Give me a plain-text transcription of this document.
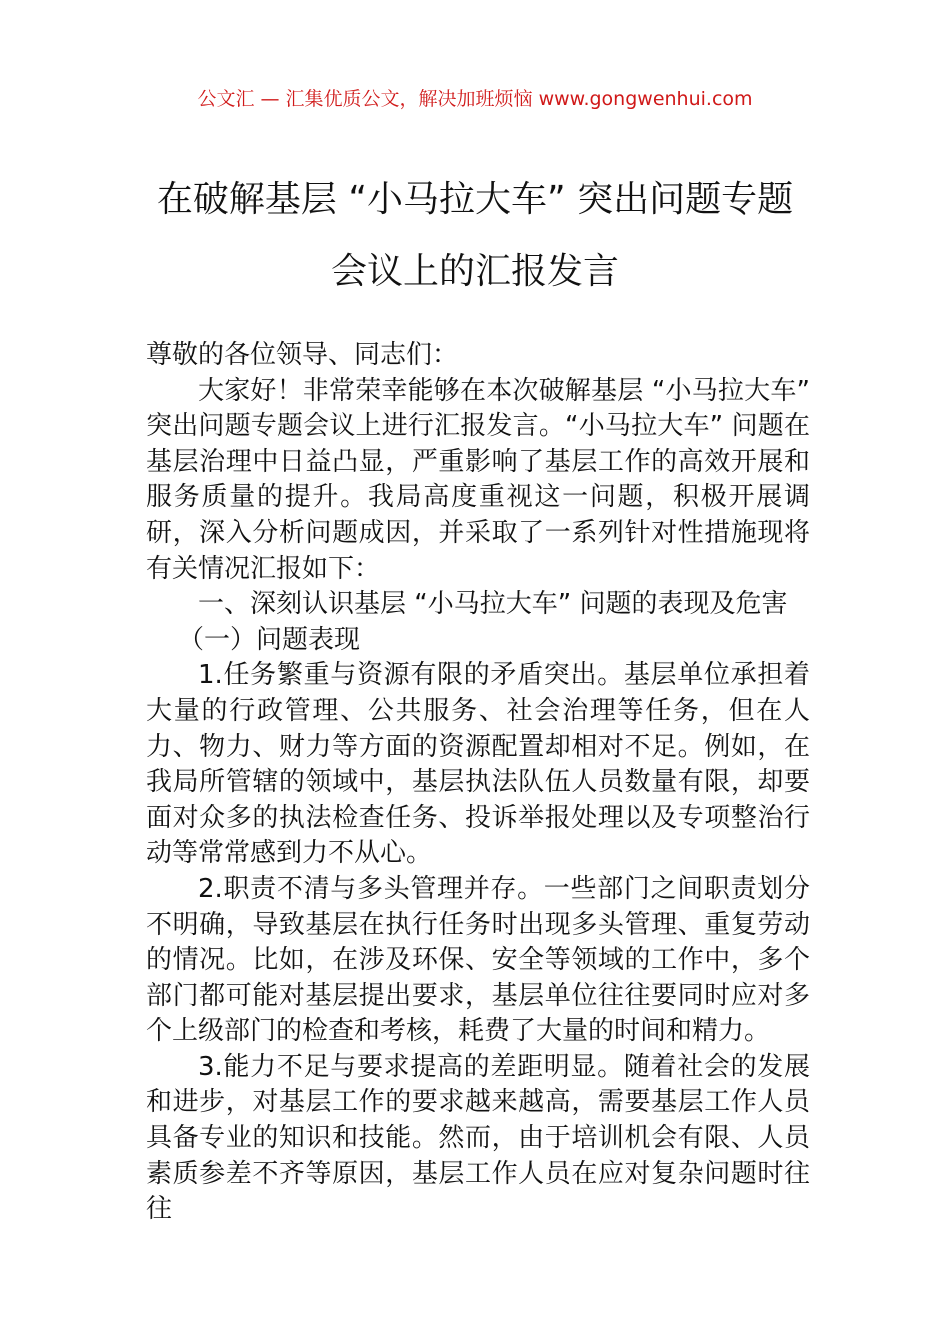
公文汇 — 汇集优质公文，解决加班烦恼 www.gongwenhui.com
在破解基层 “小马拉大车” 突出问题专题
会议上的汇报发言

尊敬的各位领导、同志们：

大家好！非常荣幸能够在本次破解基层 “小马拉大车” 突出问题专题会议上进行汇报发言。“小马拉大车” 问题在基层治理中日益凸显，严重影响了基层工作的高效开展和服务质量的提升。我局高度重视这一问题，积极开展调研，深入分析问题成因，并采取了一系列针对性措施现将有关情况汇报如下：

一、深刻认识基层 “小马拉大车” 问题的表现及危害

（一）问题表现

1.任务繁重与资源有限的矛盾突出。基层单位承担着大量的行政管理、公共服务、社会治理等任务，但在人力、物力、财力等方面的资源配置却相对不足。例如，在我局所管辖的领域中，基层执法队伍人员数量有限，却要面对众多的执法检查任务、投诉举报处理以及专项整治行动等常常感到力不从心。

2.职责不清与多头管理并存。一些部门之间职责划分不明确，导致基层在执行任务时出现多头管理、重复劳动的情况。比如，在涉及环保、安全等领域的工作中，多个部门都可能对基层提出要求，基层单位往往要同时应对多个上级部门的检查和考核，耗费了大量的时间和精力。

3.能力不足与要求提高的差距明显。随着社会的发展和进步，对基层工作的要求越来越高，需要基层工作人员具备专业的知识和技能。然而，由于培训机会有限、人员素质参差不齐等原因，基层工作人员在应对复杂问题时往往
